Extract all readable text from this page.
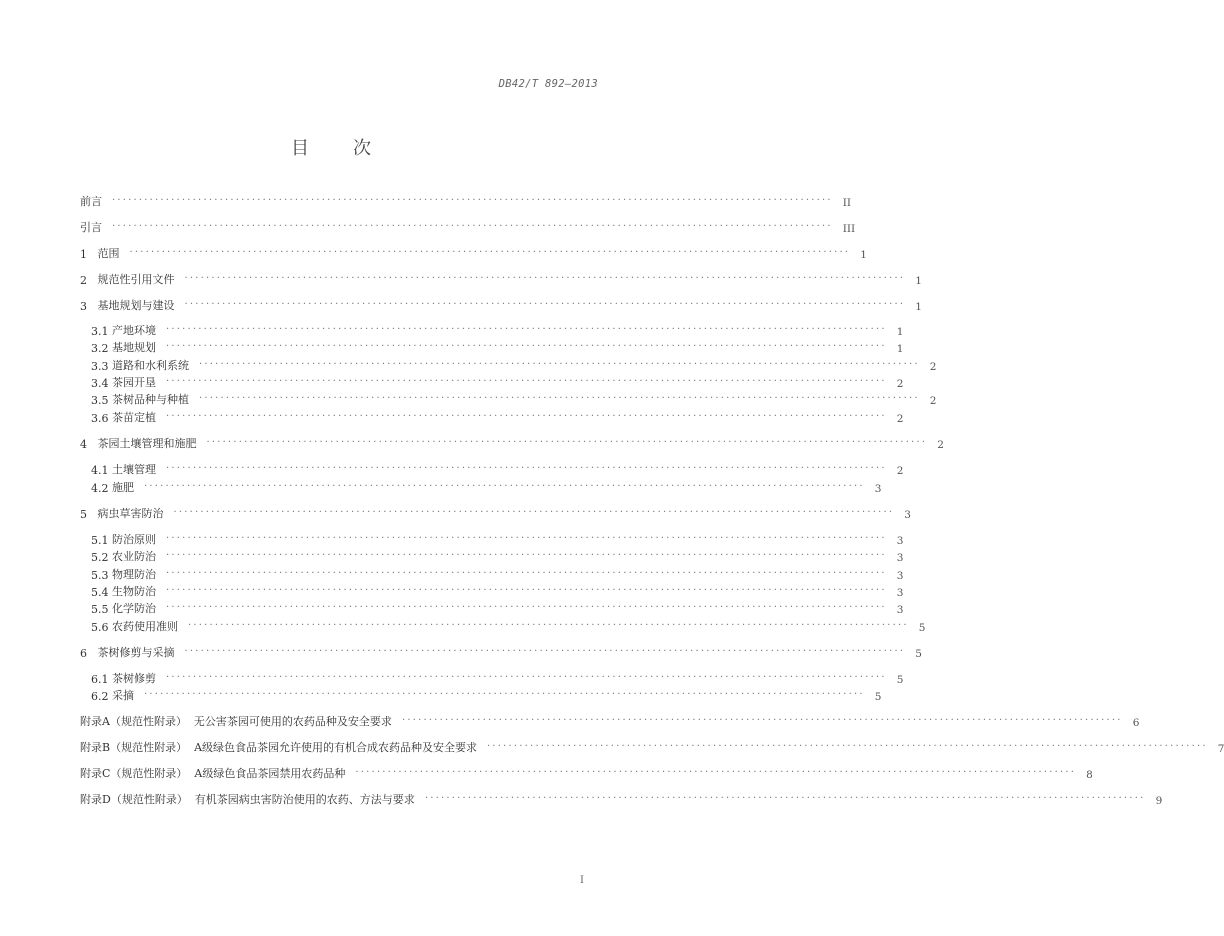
DB42/T 892—2013
目次
前言 ······································································································································ II
引言 ······································································································································ III
1 范围 ······································································································································ 1
2 规范性引用文件 ······································································································································ 1
3 基地规划与建设 ······································································································································ 1
3.1 产地环境 ······································································································································ 1
3.2 基地规划 ······································································································································ 1
3.3 道路和水利系统 ······································································································································ 2
3.4 茶园开垦 ······································································································································ 2
3.5 茶树品种与种植 ······································································································································ 2
3.6 茶苗定植 ······································································································································ 2
4 茶园土壤管理和施肥 ······································································································································ 2
4.1 土壤管理 ······································································································································ 2
4.2 施肥 ······································································································································ 3
5 病虫草害防治 ······································································································································ 3
5.1 防治原则 ······································································································································ 3
5.2 农业防治 ······································································································································ 3
5.3 物理防治 ······································································································································ 3
5.4 生物防治 ······································································································································ 3
5.5 化学防治 ······································································································································ 3
5.6 农药使用准则 ······································································································································ 5
6 茶树修剪与采摘 ······································································································································ 5
6.1 茶树修剪 ······································································································································ 5
6.2 采摘 ······································································································································ 5
附录A（规范性附录）  无公害茶园可使用的农药品种及安全要求 ······································································································································ 6
附录B（规范性附录）  A级绿色食品茶园允许使用的有机合成农药品种及安全要求 ······································································································································ 7
附录C（规范性附录）  A级绿色食品茶园禁用农药品种 ······································································································································ 8
附录D（规范性附录）  有机茶园病虫害防治使用的农药、方法与要求 ······································································································································ 9
I
